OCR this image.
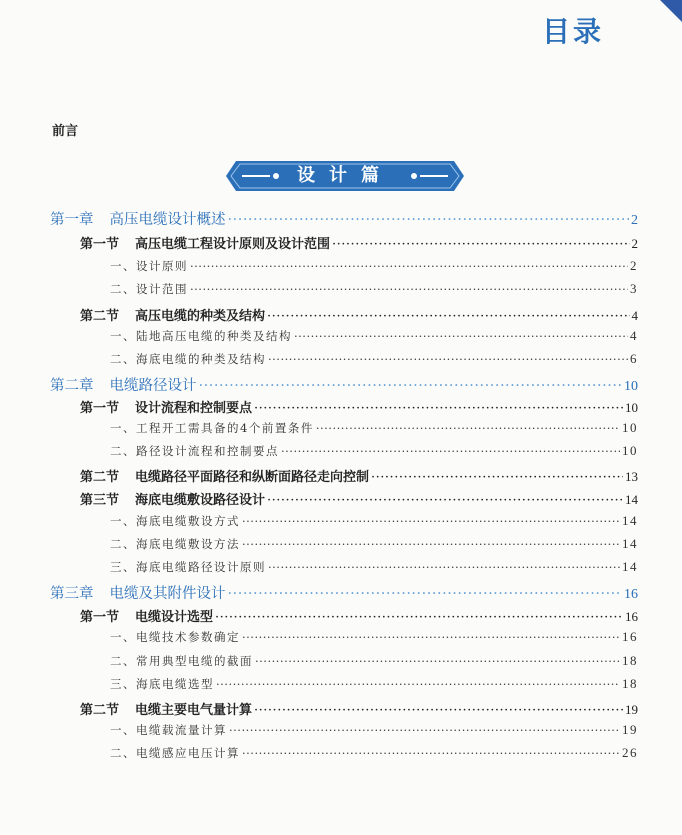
目录
前言
设计篇
第一章 高压电缆设计概述 ·····	2
第一节 高压电缆工程设计原则及设计范围 ·····	2
一、设计原则 ·····	2
二、设计范围 ·····	3
第二节 高压电缆的种类及结构 ·····	4
一、陆地高压电缆的种类及结构 ·····	4
二、海底电缆的种类及结构 ·····	6
第二章 电缆路径设计 ·····	10
第一节 设计流程和控制要点 ·····	10
一、工程开工需具备的4个前置条件 ·····	10
二、路径设计流程和控制要点 ·····	10
第二节 电缆路径平面路径和纵断面路径走向控制 ·····	13
第三节 海底电缆敷设路径设计 ·····	14
一、海底电缆敷设方式 ·····	14
二、海底电缆敷设方法 ·····	14
三、海底电缆路径设计原则 ·····	14
第三章 电缆及其附件设计 ·····	16
第一节 电缆设计选型 ·····	16
一、电缆技术参数确定 ·····	16
二、常用典型电缆的截面 ·····	18
三、海底电缆选型 ·····	18
第二节 电缆主要电气量计算 ·····	19
一、电缆载流量计算 ·····	19
二、电缆感应电压计算 ·····	26
